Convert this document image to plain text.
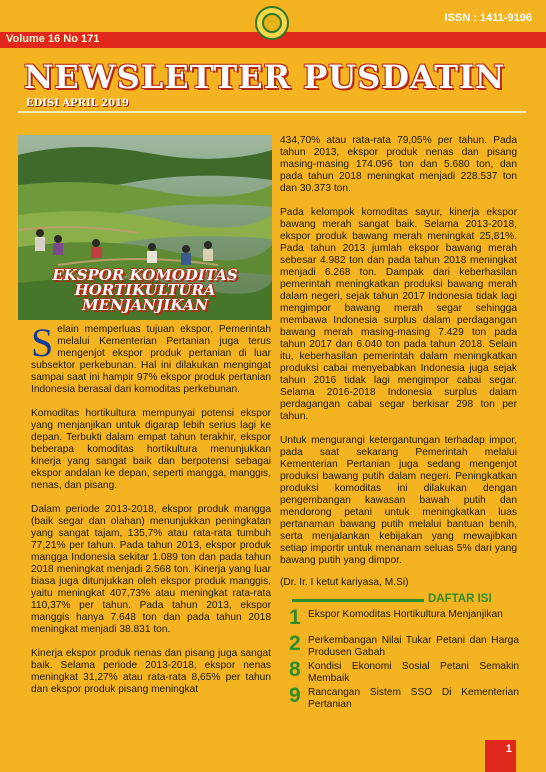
Volume 16 No 171
ISSN : 1411-9196
NEWSLETTER PUSDATIN
EDISI APRIL 2019
EKSPOR KOMODITAS
HORTIKULTURA
MENJANJIKAN

Selain memperluas tujuan ekspor, Pemerintah melalui Kementerian Pertanian juga terus mengenjot ekspor produk pertanian di luar subsektor perkebunan. Hal ini dilakukan mengingat sampai saat ini hampir 97% ekspor produk pertanian Indonesia berasal dari komoditas perkebunan.

Komoditas hortikultura mempunyai potensi ekspor yang menjanjikan untuk digarap lebih serius lagi ke depan. Terbukti dalam empat tahun terakhir, ekspor beberapa komoditas hortikultura menunjukkan kinerja yang sangat baik dan berpotensi sebagai ekspor andalan ke depan, seperti mangga, manggis, nenas, dan pisang.

Dalam periode 2013-2018, ekspor produk mangga (baik segar dan olahan) menunjukkan peningkatan yang sangat tajam, 135,7% atau rata-rata tumbuh 77,21% per tahun. Pada tahun 2013, ekspor produk mangga Indonesia sekitar 1.089 ton dan pada tahun 2018 meningkat menjadi 2.568 ton. Kinerja yang luar biasa juga ditunjukkan oleh ekspor produk manggis, yaitu meningkat 407,73% atau meningkat rata-rata 110,37% per tahun. Pada tahun 2013, ekspor manggis hanya 7.648 ton dan pada tahun 2018 meningkat menjadi 38.831 ton.

Kinerja ekspor produk nenas dan pisang juga sangat baik. Selama periode 2013-2018, ekspor nenas meningkat 31,27% atau rata-rata 8,65% per tahun dan ekspor produk pisang meningkat

434,70% atau rata-rata 79,05% per tahun. Pada tahun 2013, ekspor produk nenas dan pisang masing-masing 174.096 ton dan 5.680 ton, dan pada tahun 2018 meningkat menjadi 228.537 ton dan 30.373 ton.

Pada kelompok komoditas sayur, kinerja ekspor bawang merah sangat baik. Selama 2013-2018, ekspor produk bawang merah meningkat 25,81%. Pada tahun 2013 jumlah ekspor bawang merah sebesar 4.982 ton dan pada tahun 2018 meningkat menjadi 6.268 ton. Dampak dari keberhasilan pemerintah meningkatkan produksi bawang merah dalam negeri, sejak tahun 2017 Indonesia tidak lagi mengimpor bawang merah segar sehingga membawa Indonesia surplus dalam perdagangan bawang merah masing-masing 7.429 ton pada tahun 2017 dan 6.040 ton pada tahun 2018. Selain itu, keberhasilan pemerintah dalam meningkatkan produksi cabai menyebabkan Indonesia juga sejak tahun 2016 tidak lagi mengimpor cabai segar. Selama 2016-2018 Indonesia surplus dalam perdagangan cabai segar berkisar 298 ton per tahun.

Untuk mengurangi ketergantungan terhadap impor, pada saat sekarang Pemerintah melalui Kementerian Pertanian juga sedang mengenjot produksi bawang putih dalam negeri. Peningkatkan produksi komoditas ini dilakukan dengan pengembangan kawasan bawah putih dan mendorong petani untuk meningkatkan luas pertanaman bawang putih melalui bantuan benih, serta menjalankan kebijakan yang mewajibkan setiap importir untuk menanam seluas 5% dari yang bawang putih yang dimpor.

(Dr. Ir. I ketut kariyasa, M.Si)

DAFTAR ISI
1 Ekspor Komoditas Hortikultura Menjanjikan
2 Perkembangan Nilai Tukar Petani dan Harga Produsen Gabah
8 Kondisi Ekonomi Sosial Petani Semakin Membaik
9 Rancangan Sistem SSO Di Kementerian Pertanian
1
